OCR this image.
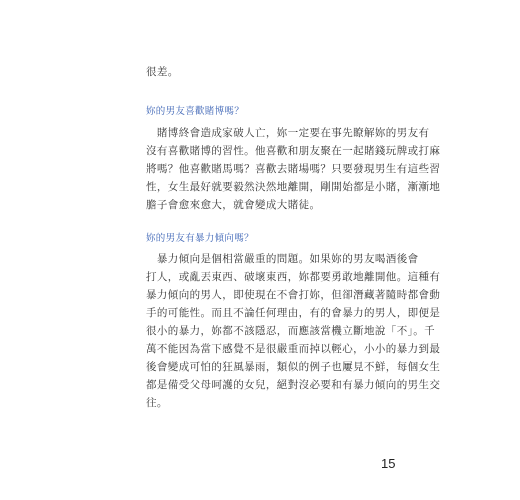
很差。
妳的男友喜歡賭博嗎？
　賭博終會造成家破人亡，妳一定要在事先瞭解妳的男友有
沒有喜歡賭博的習性。他喜歡和朋友聚在一起賭錢玩牌或打麻
將嗎？他喜歡賭馬嗎？喜歡去賭場嗎？只要發現男生有這些習
性，女生最好就要毅然決然地離開，剛開始都是小賭，漸漸地
膽子會愈來愈大，就會變成大賭徒。
妳的男友有暴力傾向嗎？
　暴力傾向是個相當嚴重的問題。如果妳的男友喝酒後會
打人，或亂丟東西、破壞東西，妳都要勇敢地離開他。這種有
暴力傾向的男人，即使現在不會打妳，但卻潛藏著隨時都會動
手的可能性。而且不論任何理由，有的會暴力的男人，即便是
很小的暴力，妳都不該隱忍，而應該當機立斷地說「不」。千
萬不能因為當下感覺不是很嚴重而掉以輕心，小小的暴力到最
後會變成可怕的狂風暴雨，類似的例子也屢見不鮮，每個女生
都是備受父母呵護的女兒，絕對沒必要和有暴力傾向的男生交
往。
15
